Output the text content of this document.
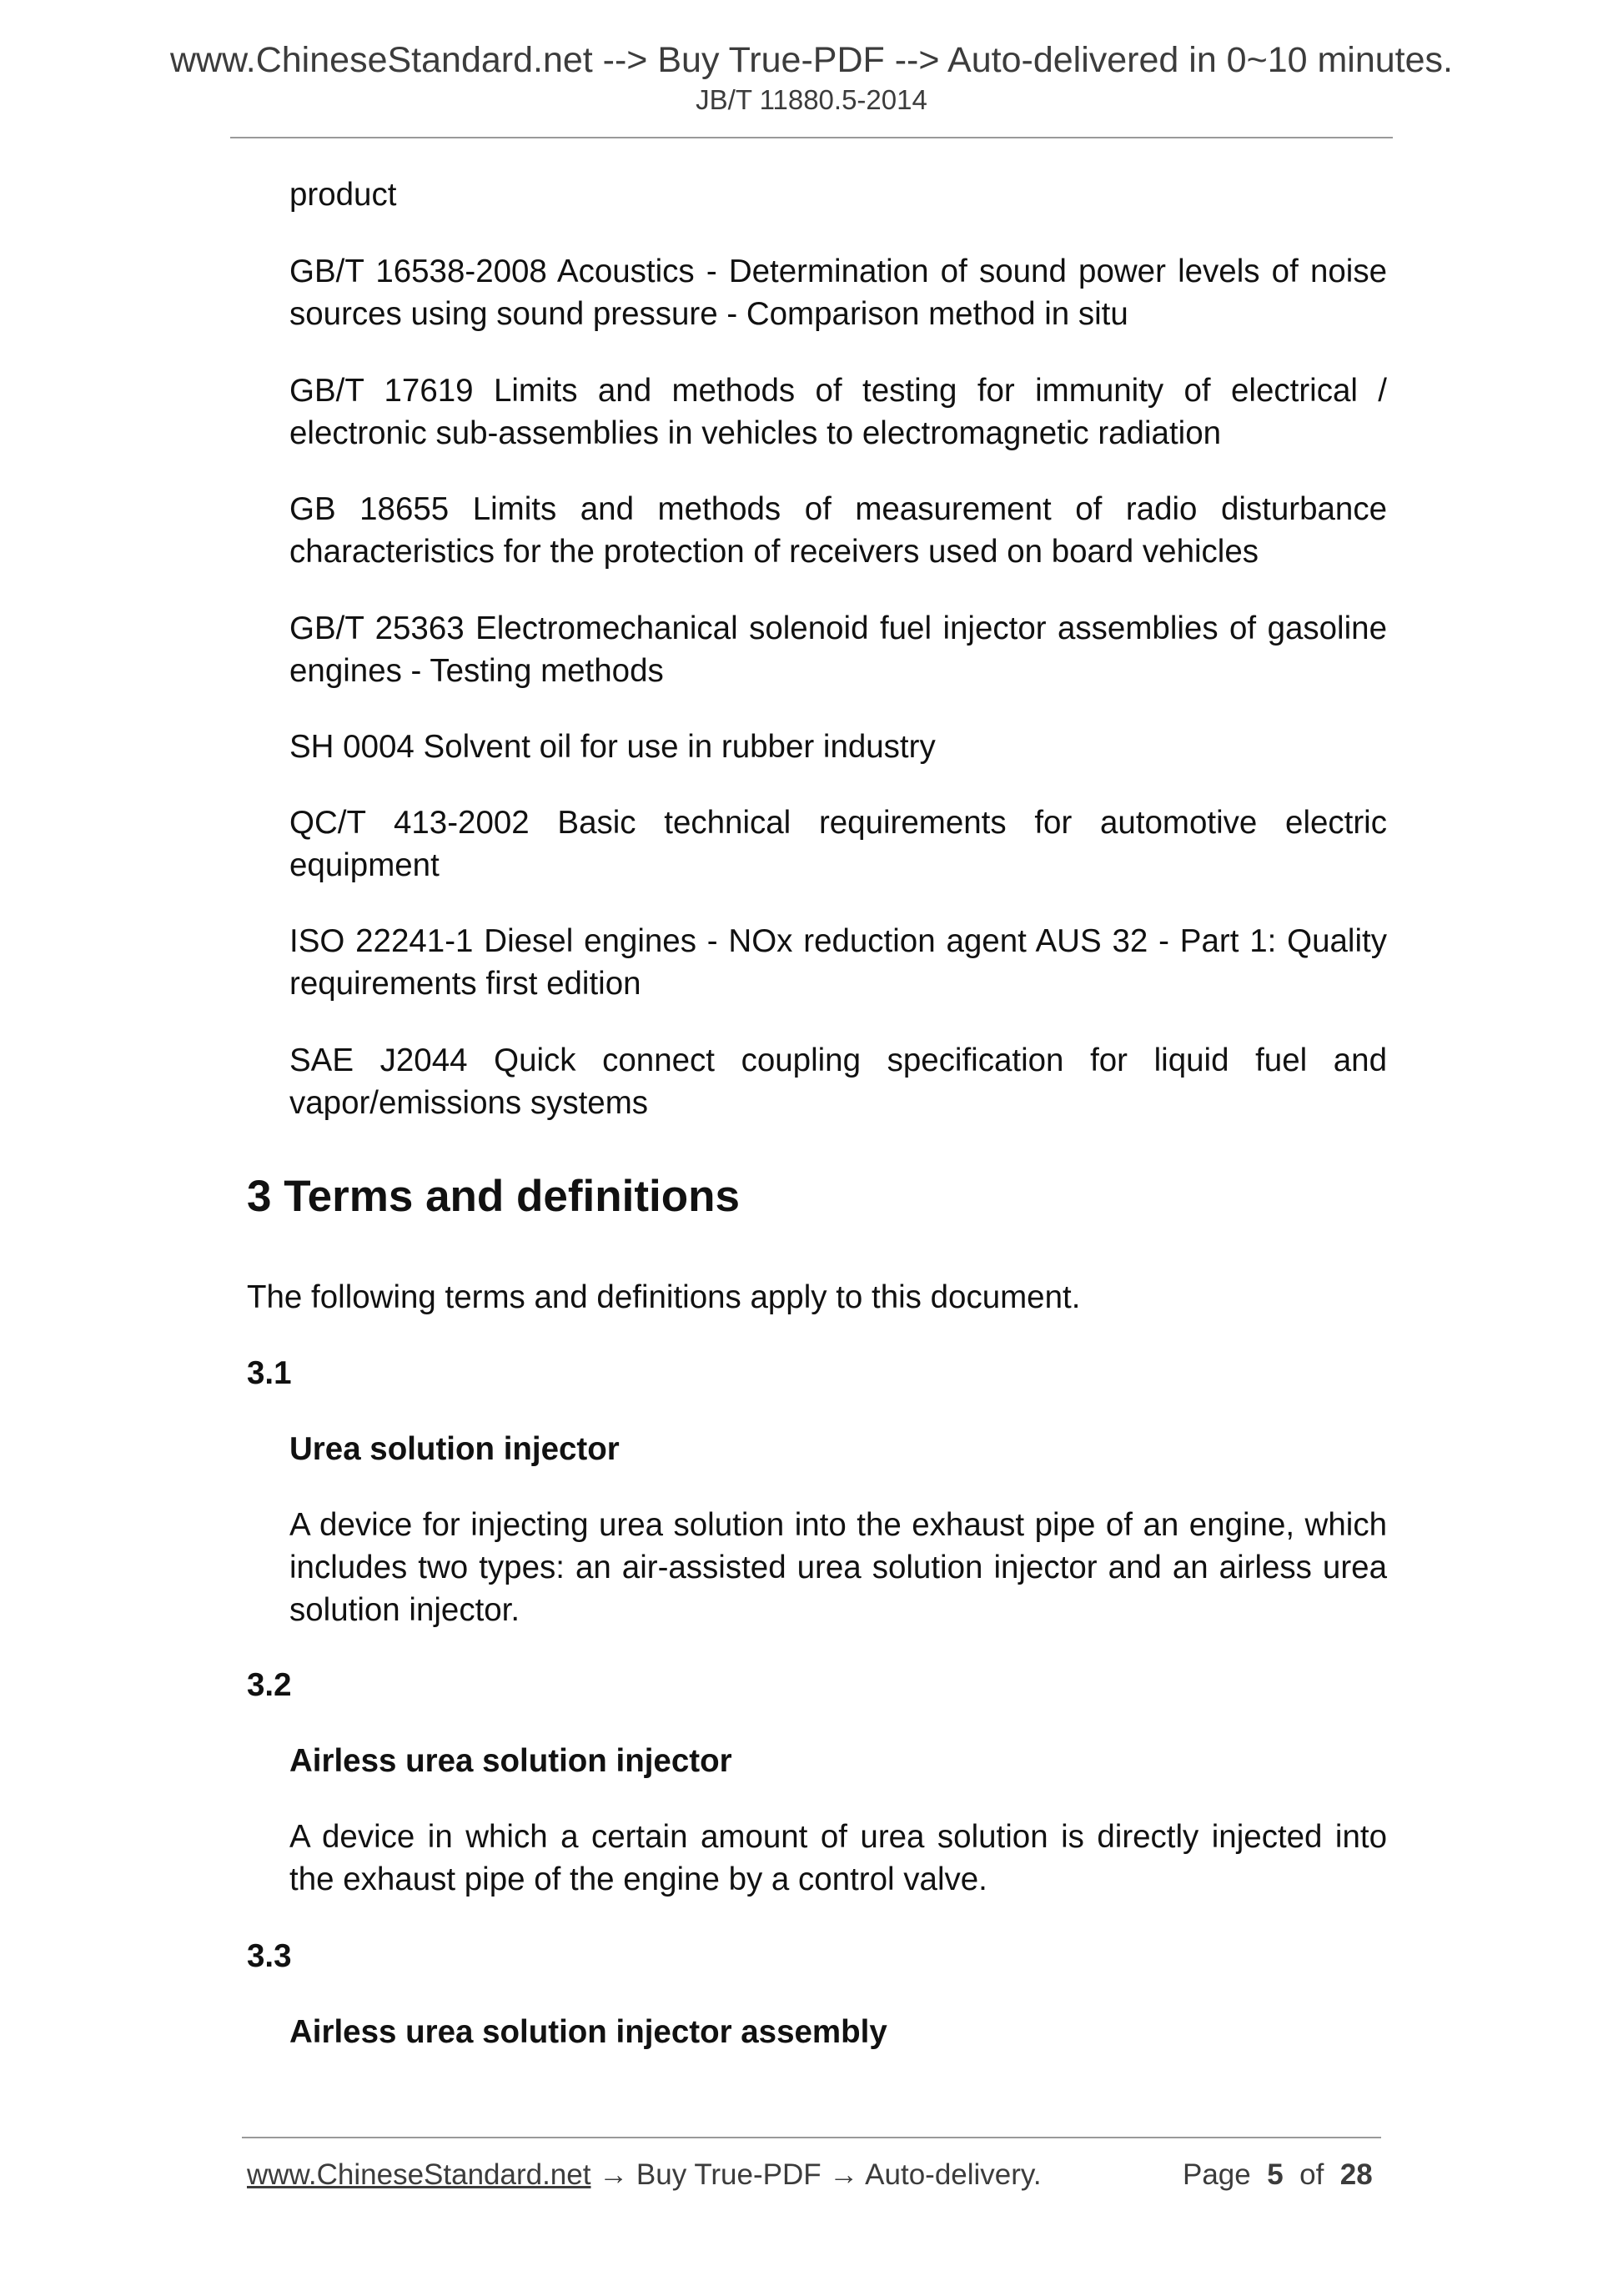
www.ChineseStandard.net --> Buy True-PDF --> Auto-delivered in 0~10 minutes.
JB/T 11880.5-2014
product
GB/T 16538-2008 Acoustics - Determination of sound power levels of noise sources using sound pressure - Comparison method in situ
GB/T 17619 Limits and methods of testing for immunity of electrical / electronic sub-assemblies in vehicles to electromagnetic radiation
GB 18655 Limits and methods of measurement of radio disturbance characteristics for the protection of receivers used on board vehicles
GB/T 25363 Electromechanical solenoid fuel injector assemblies of gasoline engines - Testing methods
SH 0004 Solvent oil for use in rubber industry
QC/T 413-2002 Basic technical requirements for automotive electric equipment
ISO 22241-1 Diesel engines - NOx reduction agent AUS 32 - Part 1: Quality requirements first edition
SAE J2044 Quick connect coupling specification for liquid fuel and vapor/emissions systems
3 Terms and definitions
The following terms and definitions apply to this document.
3.1
Urea solution injector
A device for injecting urea solution into the exhaust pipe of an engine, which includes two types: an air-assisted urea solution injector and an airless urea solution injector.
3.2
Airless urea solution injector
A device in which a certain amount of urea solution is directly injected into the exhaust pipe of the engine by a control valve.
3.3
Airless urea solution injector assembly
www.ChineseStandard.net → Buy True-PDF → Auto-delivery.	Page 5 of 28
